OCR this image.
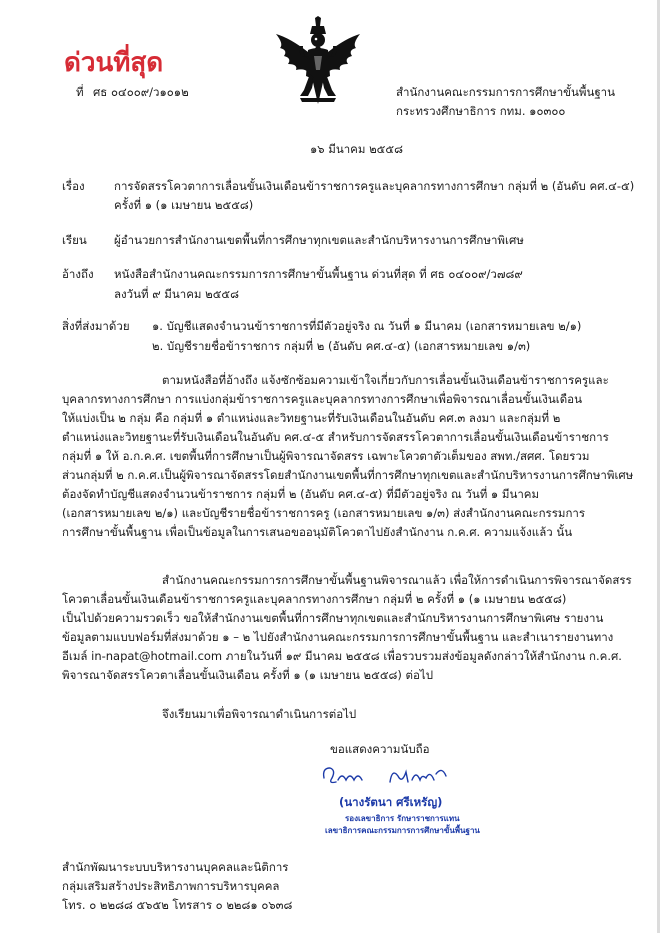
ด่วนที่สุด
ที่ ศธ ๐๔๐๐๙/ว๑๐๑๒	สำนักงานคณะกรรมการการศึกษาขั้นพื้นฐาน
กระทรวงศึกษาธิการ กทม. ๑๐๓๐๐
๑๖ มีนาคม ๒๕๕๘
เรื่อง	การจัดสรรโควตาการเลื่อนขั้นเงินเดือนข้าราชการครูและบุคลากรทางการศึกษา กลุ่มที่ ๒ (อันดับ คศ.๔-๕)
ครั้งที่ ๑ (๑ เมษายน ๒๕๕๘)
เรียน ผู้อำนวยการสำนักงานเขตพื้นที่การศึกษาทุกเขตและสำนักบริหารงานการศึกษาพิเศษ
อ้างถึง หนังสือสำนักงานคณะกรรมการการศึกษาขั้นพื้นฐาน ด่วนที่สุด ที่ ศธ ๐๔๐๐๙/ว๗๘๙
ลงวันที่ ๙ มีนาคม ๒๕๕๘
สิ่งที่ส่งมาด้วย ๑. บัญชีแสดงจำนวนข้าราชการที่มีตัวอยู่จริง ณ วันที่ ๑ มีนาคม (เอกสารหมายเลข ๒/๑)
๒. บัญชีรายชื่อข้าราชการ กลุ่มที่ ๒ (อันดับ คศ.๔-๕) (เอกสารหมายเลข ๑/๓)
ตามหนังสือที่อ้างถึง แจ้งซักซ้อมความเข้าใจเกี่ยวกับการเลื่อนขั้นเงินเดือนข้าราชการครูและ
บุคลากรทางการศึกษา การแบ่งกลุ่มข้าราชการครูและบุคลากรทางการศึกษาเพื่อพิจารณาเลื่อนขั้นเงินเดือน
ให้แบ่งเป็น ๒ กลุ่ม คือ กลุ่มที่ ๑ ตำแหน่งและวิทยฐานะที่รับเงินเดือนในอันดับ คศ.๓ ลงมา และกลุ่มที่ ๒
ตำแหน่งและวิทยฐานะที่รับเงินเดือนในอันดับ คศ.๔-๕ สำหรับการจัดสรรโควตาการเลื่อนขั้นเงินเดือนข้าราชการ
กลุ่มที่ ๑ ให้ อ.ก.ค.ศ. เขตพื้นที่การศึกษาเป็นผู้พิจารณาจัดสรร เฉพาะโควตาตัวเต็มของ สพท./สศศ. โดยรวม
ส่วนกลุ่มที่ ๒ ก.ค.ศ.เป็นผู้พิจารณาจัดสรรโดยสำนักงานเขตพื้นที่การศึกษาทุกเขตและสำนักบริหารงานการศึกษาพิเศษ
ต้องจัดทำบัญชีแสดงจำนวนข้าราชการ กลุ่มที่ ๒ (อันดับ คศ.๔-๕) ที่มีตัวอยู่จริง ณ วันที่ ๑ มีนาคม
(เอกสารหมายเลข ๒/๑) และบัญชีรายชื่อข้าราชการครู (เอกสารหมายเลข ๑/๓) ส่งสำนักงานคณะกรรมการ
การศึกษาขั้นพื้นฐาน เพื่อเป็นข้อมูลในการเสนอขออนุมัติโควตาไปยังสำนักงาน ก.ค.ศ. ความแจ้งแล้ว นั้น
สำนักงานคณะกรรมการการศึกษาขั้นพื้นฐานพิจารณาแล้ว เพื่อให้การดำเนินการพิจารณาจัดสรร
โควตาเลื่อนขั้นเงินเดือนข้าราชการครูและบุคลากรทางการศึกษา กลุ่มที่ ๒ ครั้งที่ ๑ (๑ เมษายน ๒๕๕๘)
เป็นไปด้วยความรวดเร็ว ขอให้สำนักงานเขตพื้นที่การศึกษาทุกเขตและสำนักบริหารงานการศึกษาพิเศษ รายงาน
ข้อมูลตามแบบฟอร์มที่ส่งมาด้วย ๑ – ๒ ไปยังสำนักงานคณะกรรมการการศึกษาขั้นพื้นฐาน และสำเนารายงานทาง
อีเมล์ in-napat@hotmail.com ภายในวันที่ ๑๙ มีนาคม ๒๕๕๘ เพื่อรวบรวมส่งข้อมูลดังกล่าวให้สำนักงาน ก.ค.ศ.
พิจารณาจัดสรรโควตาเลื่อนขั้นเงินเดือน ครั้งที่ ๑ (๑ เมษายน ๒๕๕๘) ต่อไป
จึงเรียนมาเพื่อพิจารณาดำเนินการต่อไป
ขอแสดงความนับถือ
(นางรัตนา ศรีเหรัญ)
รองเลขาธิการ รักษาราชการแทน
เลขาธิการคณะกรรมการการศึกษาขั้นพื้นฐาน
สำนักพัฒนาระบบบริหารงานบุคคลและนิติการ
กลุ่มเสริมสร้างประสิทธิภาพการบริหารบุคคล
โทร. ๐ ๒๒๘๘ ๕๖๕๒ โทรสาร ๐ ๒๒๘๑ ๐๖๓๘
